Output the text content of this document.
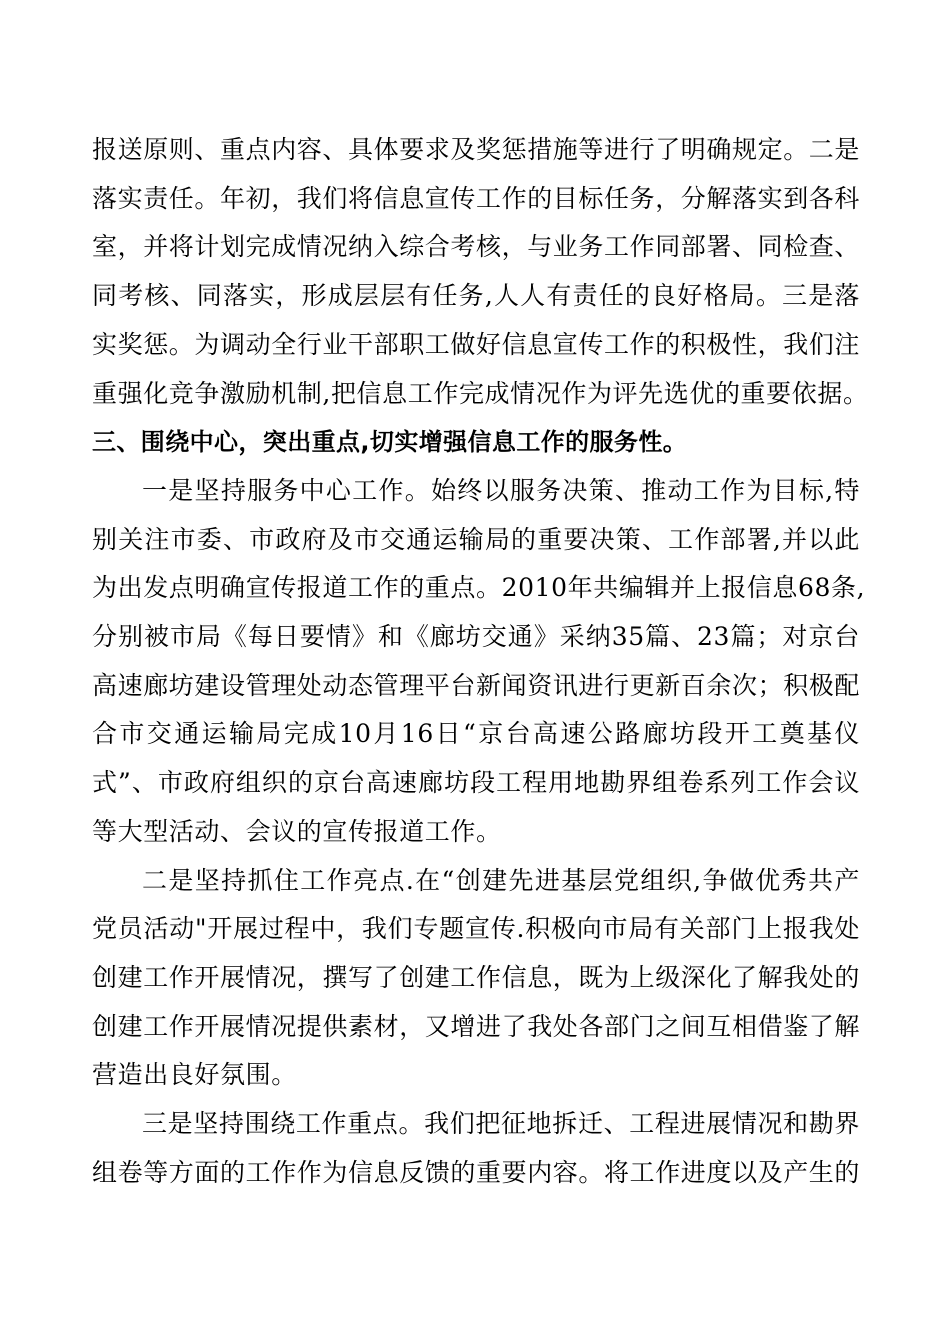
报送原则、重点内容、具体要求及奖惩措施等进行了明确规定。二是
落实责任。年初，我们将信息宣传工作的目标任务，分解落实到各科
室，并将计划完成情况纳入综合考核，与业务工作同部署、同检查、
同考核、同落实，形成层层有任务,人人有责任的良好格局。三是落
实奖惩。为调动全行业干部职工做好信息宣传工作的积极性，我们注
重强化竞争激励机制,把信息工作完成情况作为评先选优的重要依据。

三、围绕中心，突出重点,切实增强信息工作的服务性。

一是坚持服务中心工作。始终以服务决策、推动工作为目标,特
别关注市委、市政府及市交通运输局的重要决策、工作部署,并以此
为出发点明确宣传报道工作的重点。2010年共编辑并上报信息68条,
分别被市局《每日要情》和《廊坊交通》采纳35篇、23篇；对京台
高速廊坊建设管理处动态管理平台新闻资讯进行更新百余次；积极配
合市交通运输局完成10月16日“京台高速公路廊坊段开工奠基仪
式”、市政府组织的京台高速廊坊段工程用地勘界组卷系列工作会议
等大型活动、会议的宣传报道工作。

二是坚持抓住工作亮点.在“创建先进基层党组织,争做优秀共产
党员活动"开展过程中，我们专题宣传.积极向市局有关部门上报我处
创建工作开展情况，撰写了创建工作信息，既为上级深化了解我处的
创建工作开展情况提供素材，又增进了我处各部门之间互相借鉴了解
营造出良好氛围。

三是坚持围绕工作重点。我们把征地拆迁、工程进展情况和勘界
组卷等方面的工作作为信息反馈的重要内容。将工作进度以及产生的
